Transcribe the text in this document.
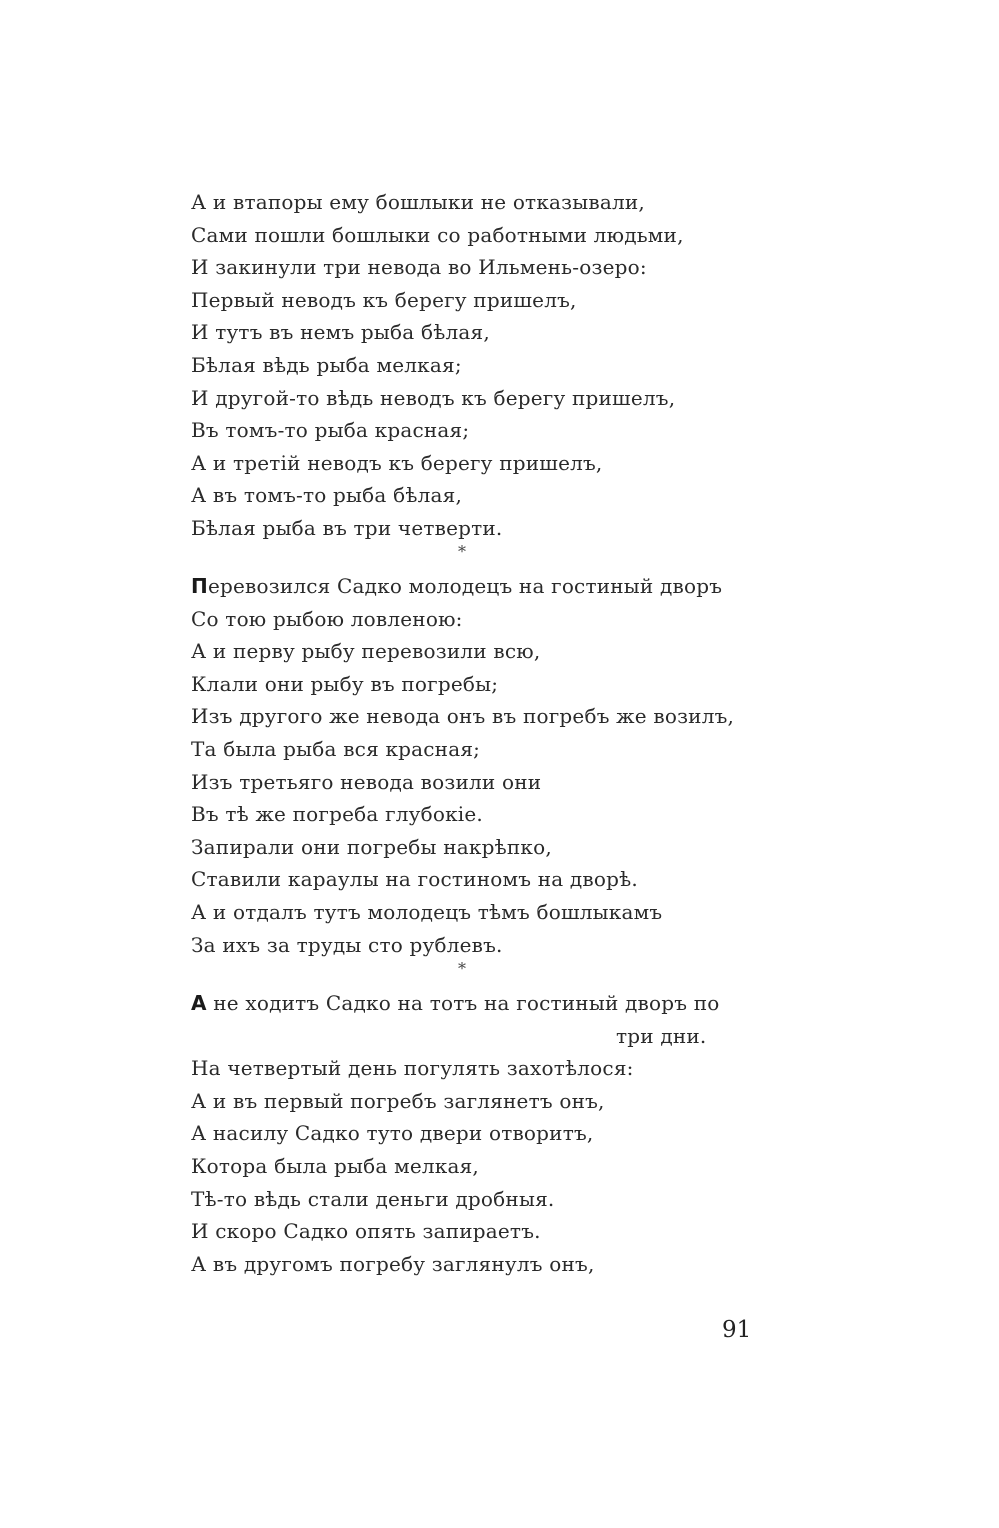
А и втапоры ему бошлыки не отказывали,
Сами пошли бошлыки со работными людьми,
И закинули три невода во Ильмень-озеро:
Первый неводъ къ берегу пришелъ,
И тутъ въ немъ рыба бѣлая,
Бѣлая вѣдь рыба мелкая;
И другой-то вѣдь неводъ къ берегу пришелъ,
Въ томъ-то рыба красная;
А и третій неводъ къ берегу пришелъ,
А въ томъ-то рыба бѣлая,
Бѣлая рыба въ три четверти.
*
Перевозился Садко молодецъ на гостиный дворъ
Со тою рыбою ловленою:
А и перву рыбу перевозили всю,
Клали они рыбу въ погребы;
Изъ другого же невода онъ въ погребъ же возилъ,
Та была рыба вся красная;
Изъ третьяго невода возили они
Въ тѣ же погреба глубокіе.
Запирали они погребы накрѣпко,
Ставили караулы на гостиномъ на дворѣ.
А и отдалъ тутъ молодецъ тѣмъ бошлыкамъ
За ихъ за труды сто рублевъ.
*
А не ходитъ Садко на тотъ на гостиный дворъ по
три дни.
На четвертый день погулять захотѣлося:
А и въ первый погребъ заглянетъ онъ,
А насилу Садко туто двери отворитъ,
Котора была рыба мелкая,
Тѣ-то вѣдь стали деньги дробныя.
И скоро Садко опять запираетъ.
А въ другомъ погребу заглянулъ онъ,
91
